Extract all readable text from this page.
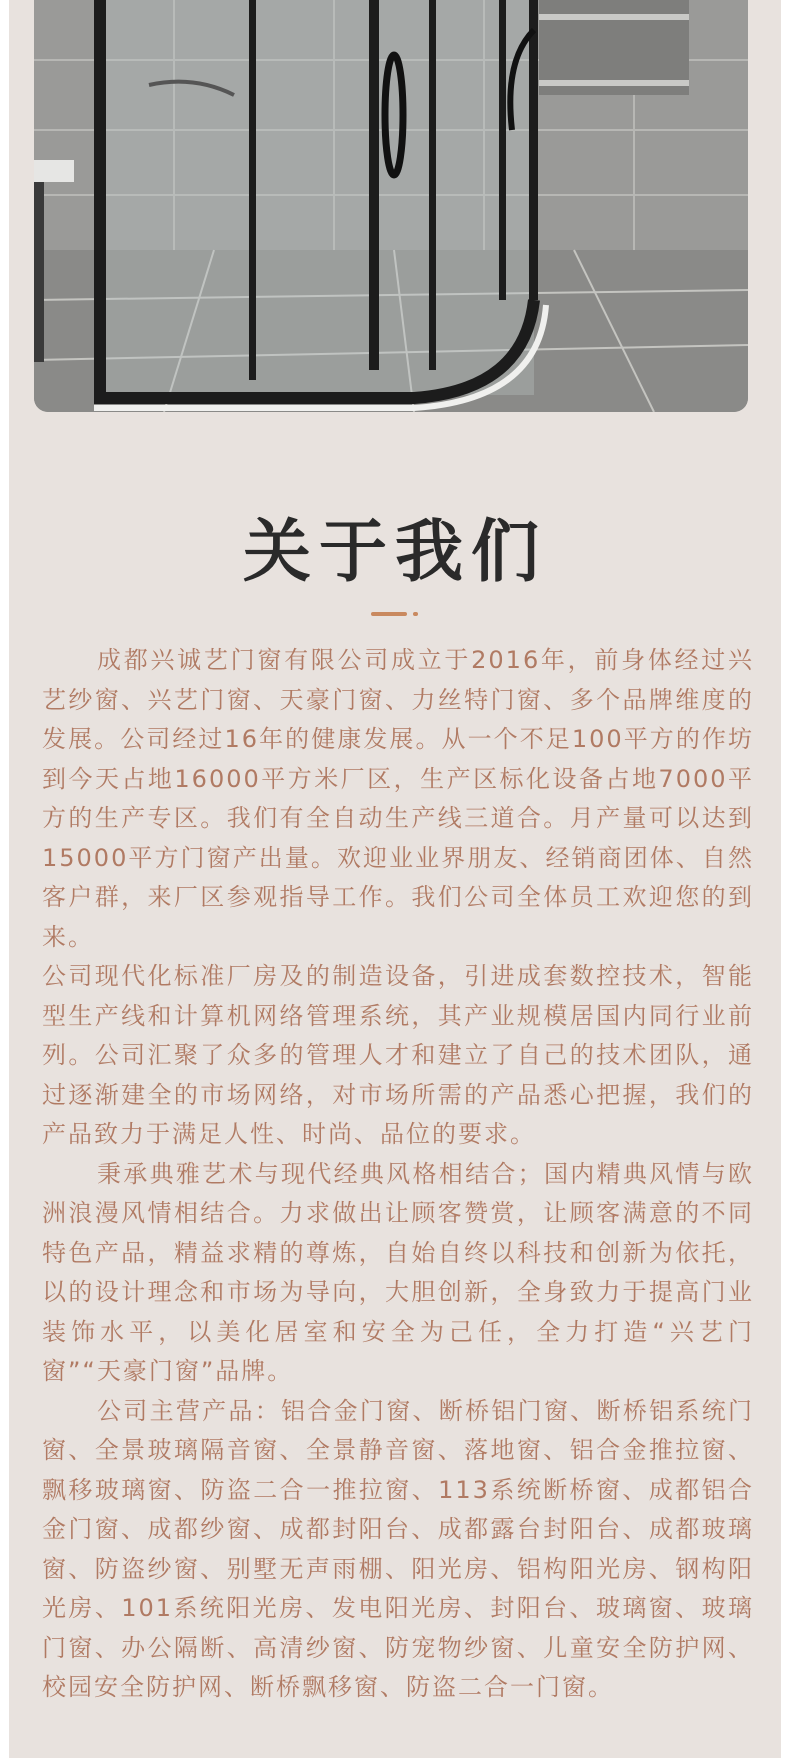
关于我们

成都兴诚艺门窗有限公司成立于2016年，前身体经过兴艺纱窗、兴艺门窗、天豪门窗、力丝特门窗、多个品牌维度的发展。公司经过16年的健康发展。从一个不足100平方的作坊到今天占地16000平方米厂区，生产区标化设备占地7000平方的生产专区。我们有全自动生产线三道合。月产量可以达到15000平方门窗产出量。欢迎业业界朋友、经销商团体、自然客户群，来厂区参观指导工作。我们公司全体员工欢迎您的到来。

公司现代化标准厂房及的制造设备，引进成套数控技术，智能型生产线和计算机网络管理系统，其产业规模居国内同行业前列。公司汇聚了众多的管理人才和建立了自己的技术团队，通过逐渐建全的市场网络，对市场所需的产品悉心把握，我们的产品致力于满足人性、时尚、品位的要求。

秉承典雅艺术与现代经典风格相结合；国内精典风情与欧洲浪漫风情相结合。力求做出让顾客赞赏，让顾客满意的不同特色产品，精益求精的尊炼，自始自终以科技和创新为依托，以的设计理念和市场为导向，大胆创新，全身致力于提高门业装饰水平，以美化居室和安全为己任，全力打造“兴艺门窗”“天豪门窗”品牌。

公司主营产品：铝合金门窗、断桥铝门窗、断桥铝系统门窗、全景玻璃隔音窗、全景静音窗、落地窗、铝合金推拉窗、飘移玻璃窗、防盗二合一推拉窗、113系统断桥窗、成都铝合金门窗、成都纱窗、成都封阳台、成都露台封阳台、成都玻璃窗、防盗纱窗、别墅无声雨棚、阳光房、铝构阳光房、钢构阳光房、101系统阳光房、发电阳光房、封阳台、玻璃窗、玻璃门窗、办公隔断、高清纱窗、防宠物纱窗、儿童安全防护网、校园安全防护网、断桥飘移窗、防盗二合一门窗。
